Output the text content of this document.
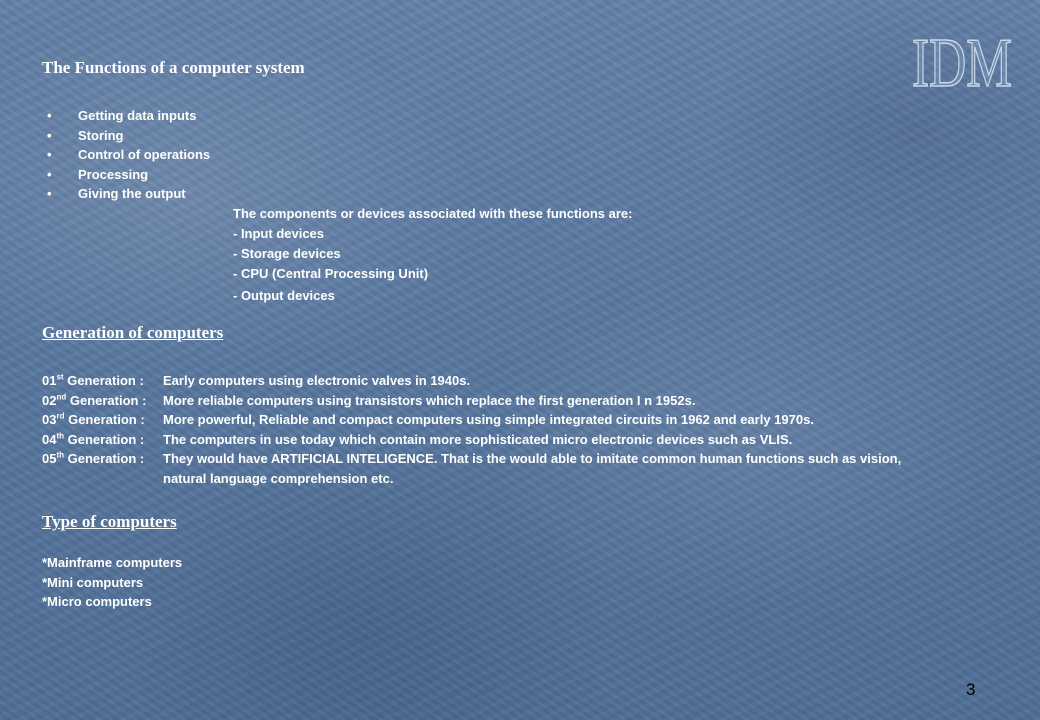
IDM
The Functions of a computer system
• Getting data inputs
• Storing
• Control of operations
• Processing
• Giving the output
The components or devices associated with these functions are:
- Input devices
- Storage devices
- CPU (Central Processing Unit)
- Output devices
Generation of computers
01st Generation :	Early computers using electronic valves in 1940s.
02nd Generation :	More reliable computers using transistors which replace the first generation I n 1952s.
03rd Generation :	More powerful, Reliable and compact computers using simple integrated circuits in 1962 and early 1970s.
04th Generation :	The computers in use today which contain more sophisticated micro electronic devices such as VLIS.
05th Generation :	They would have ARTIFICIAL INTELIGENCE. That is the would able to imitate common human functions such as vision,
natural language comprehension etc.
Type of computers
*Mainframe computers
*Mini computers
*Micro computers
3
